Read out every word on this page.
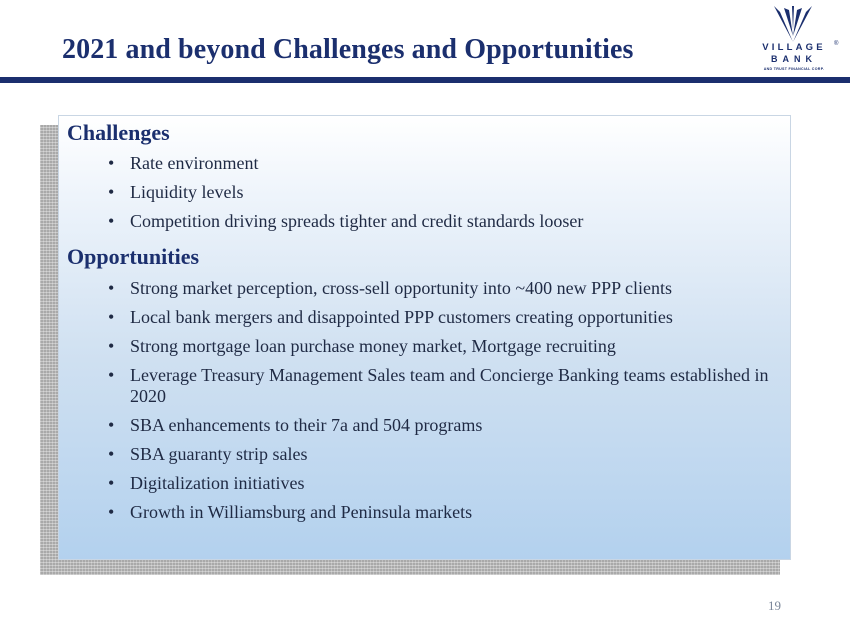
2021 and beyond Challenges and Opportunities	VILLAGE
BANK
AND TRUST FINANCIAL CORP.
®
Challenges
• Rate environment
• Liquidity levels
• Competition driving spreads tighter and credit standards looser
Opportunities
• Strong market perception, cross-sell opportunity into ~400 new PPP clients
• Local bank mergers and disappointed PPP customers creating opportunities
• Strong mortgage loan purchase money market, Mortgage recruiting
• Leverage Treasury Management Sales team and Concierge Banking teams established in 2020
• SBA enhancements to their 7a and 504 programs
• SBA guaranty strip sales
• Digitalization initiatives
• Growth in Williamsburg and Peninsula markets
19
